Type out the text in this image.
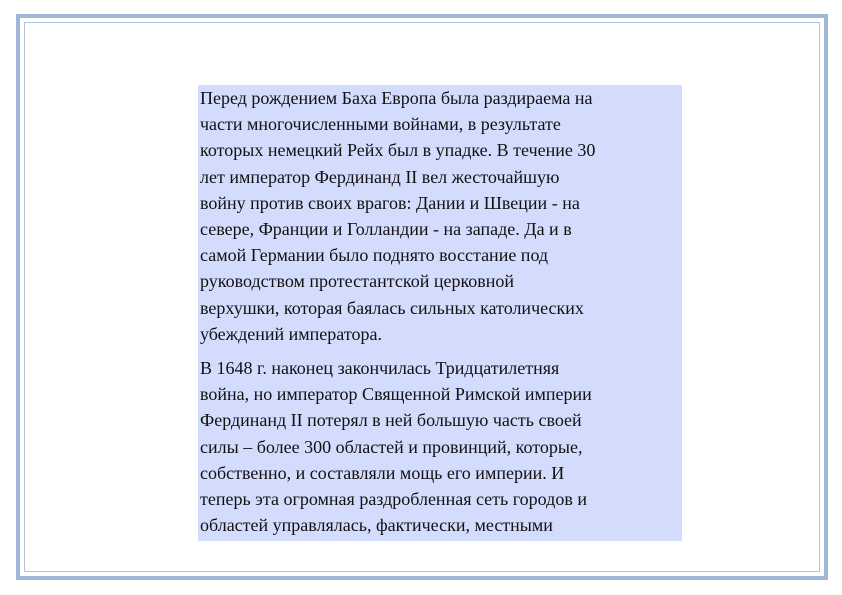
Перед рождением Баха Европа была раздираема на
части многочисленными войнами, в результате
которых немецкий Рейх был в упадке. В течение 30
лет император Фердинанд II вел жесточайшую
войну против своих врагов: Дании и Швеции - на
севере, Франции и Голландии - на западе. Да и в
самой Германии было поднято восстание под
руководством протестантской церковной
верхушки, которая баялась сильных католических
убеждений императора.

В 1648 г. наконец закончилась Тридцатилетняя
война, но император Священной Римской империи
Фердинанд II потерял в ней большую часть своей
силы – более 300 областей и провинций, которые,
собственно, и составляли мощь его империи. И
теперь эта огромная раздробленная сеть городов и
областей управлялась, фактически, местными
